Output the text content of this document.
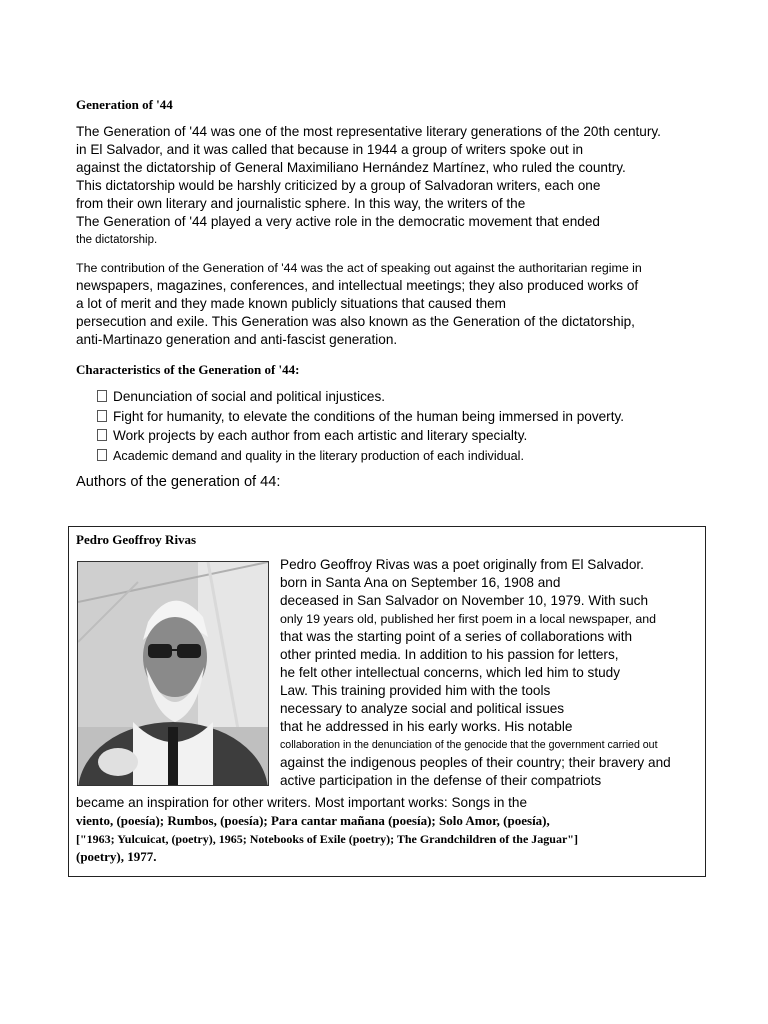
Generation of '44

The Generation of '44 was one of the most representative literary generations of the 20th century.
in El Salvador, and it was called that because in 1944 a group of writers spoke out in
against the dictatorship of General Maximiliano Hernández Martínez, who ruled the country.
This dictatorship would be harshly criticized by a group of Salvadoran writers, each one
from their own literary and journalistic sphere. In this way, the writers of the
The Generation of '44 played a very active role in the democratic movement that ended
the dictatorship.

The contribution of the Generation of '44 was the act of speaking out against the authoritarian regime in
newspapers, magazines, conferences, and intellectual meetings; they also produced works of
a lot of merit and they made known publicly situations that caused them
persecution and exile. This Generation was also known as the Generation of the dictatorship,
anti-Martinazo generation and anti-fascist generation.

Characteristics of the Generation of '44:
Denunciation of social and political injustices.
Fight for humanity, to elevate the conditions of the human being immersed in poverty.
Work projects by each author from each artistic and literary specialty.
Academic demand and quality in the literary production of each individual.

Authors of the generation of 44:

Pedro Geoffroy Rivas

Pedro Geoffroy Rivas was a poet originally from El Salvador.
born in Santa Ana on September 16, 1908 and
deceased in San Salvador on November 10, 1979. With such
only 19 years old, published her first poem in a local newspaper, and
that was the starting point of a series of collaborations with
other printed media. In addition to his passion for letters,
he felt other intellectual concerns, which led him to study
Law. This training provided him with the tools
necessary to analyze social and political issues
that he addressed in his early works. His notable
collaboration in the denunciation of the genocide that the government carried out
against the indigenous peoples of their country; their bravery and
active participation in the defense of their compatriots

became an inspiration for other writers. Most important works: Songs in the
viento, (poesía); Rumbos, (poesía); Para cantar mañana (poesía); Solo Amor, (poesía),
["1963; Yulcuicat, (poetry), 1965; Notebooks of Exile (poetry); The Grandchildren of the Jaguar"]
(poetry), 1977.
